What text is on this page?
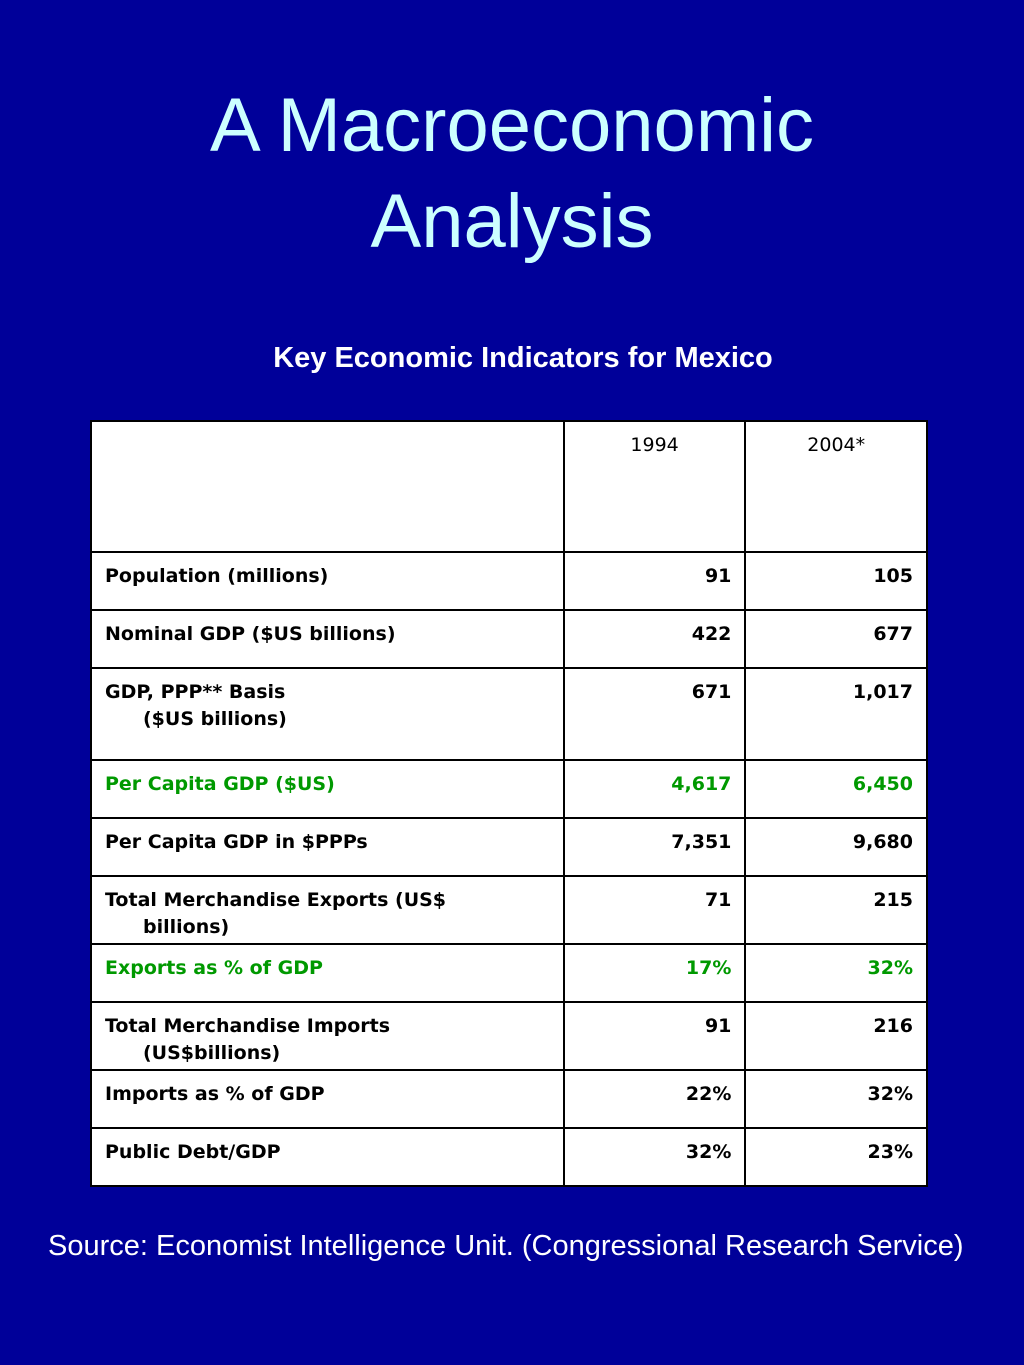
A Macroeconomic
Analysis
Key Economic Indicators for Mexico
	1994	2004*
Population (millions)	91	105
Nominal GDP ($US billions)	422	677
GDP, PPP** Basis
($US billions)	671	1,017
Per Capita GDP ($US)	4,617	6,450
Per Capita GDP in $PPPs	7,351	9,680
Total Merchandise Exports (US$
billions)	71	215
Exports as % of GDP	17%	32%
Total Merchandise Imports
(US$billions)	91	216
Imports as % of GDP	22%	32%
Public Debt/GDP	32%	23%
Source: Economist Intelligence Unit. (Congressional Research Service)
